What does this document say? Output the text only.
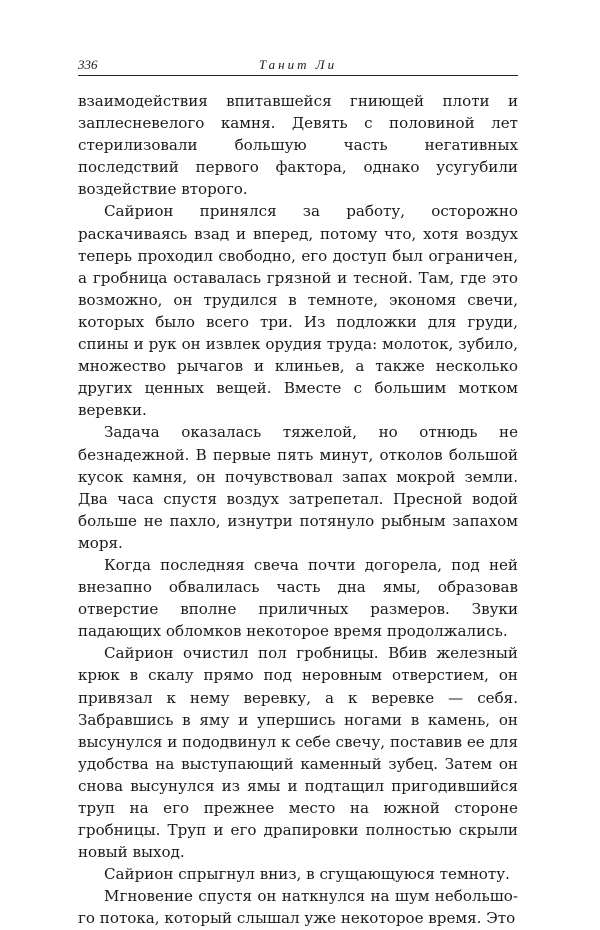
336	Танит Ли

взаимодействия впитавшейся гниющей плоти и заплесневелого камня. Девять с половиной лет стерилизовали большую часть негативных последствий первого фактора, однако усугубили воздействие второго.

Сайрион принялся за работу, осторожно раскачиваясь взад и вперед, потому что, хотя воздух теперь проходил свободно, его доступ был ограничен, а гробница оставалась грязной и тесной. Там, где это возможно, он трудился в темноте, экономя свечи, которых было всего три. Из подложки для груди, спины и рук он извлек орудия труда: молоток, зубило, множество рычагов и клиньев, а также несколько других ценных вещей. Вместе с большим мотком веревки.

Задача оказалась тяжелой, но отнюдь не безнадежной. В первые пять минут, отколов большой кусок камня, он почувствовал запах мокрой земли. Два часа спустя воздух затрепетал. Пресной водой больше не пахло, изнутри потянуло рыбным запахом моря.

Когда последняя свеча почти догорела, под ней внезапно обвалилась часть дна ямы, образовав отверстие вполне приличных размеров. Звуки падающих обломков некоторое время продолжались.

Сайрион очистил пол гробницы. Вбив железный крюк в скалу прямо под неровным отверстием, он привязал к нему веревку, а к веревке — себя. Забравшись в яму и упершись ногами в камень, он высунулся и пододвинул к себе свечу, поставив ее для удобства на выступающий каменный зубец. Затем он снова высунулся из ямы и подтащил пригодившийся труп на его прежнее место на южной стороне гробницы. Труп и его драпировки полностью скрыли новый выход.

Сайрион спрыгнул вниз, в сгущающуюся темноту.

Мгновение спустя он наткнулся на шум небольшого потока, который слышал уже некоторое время. Это
